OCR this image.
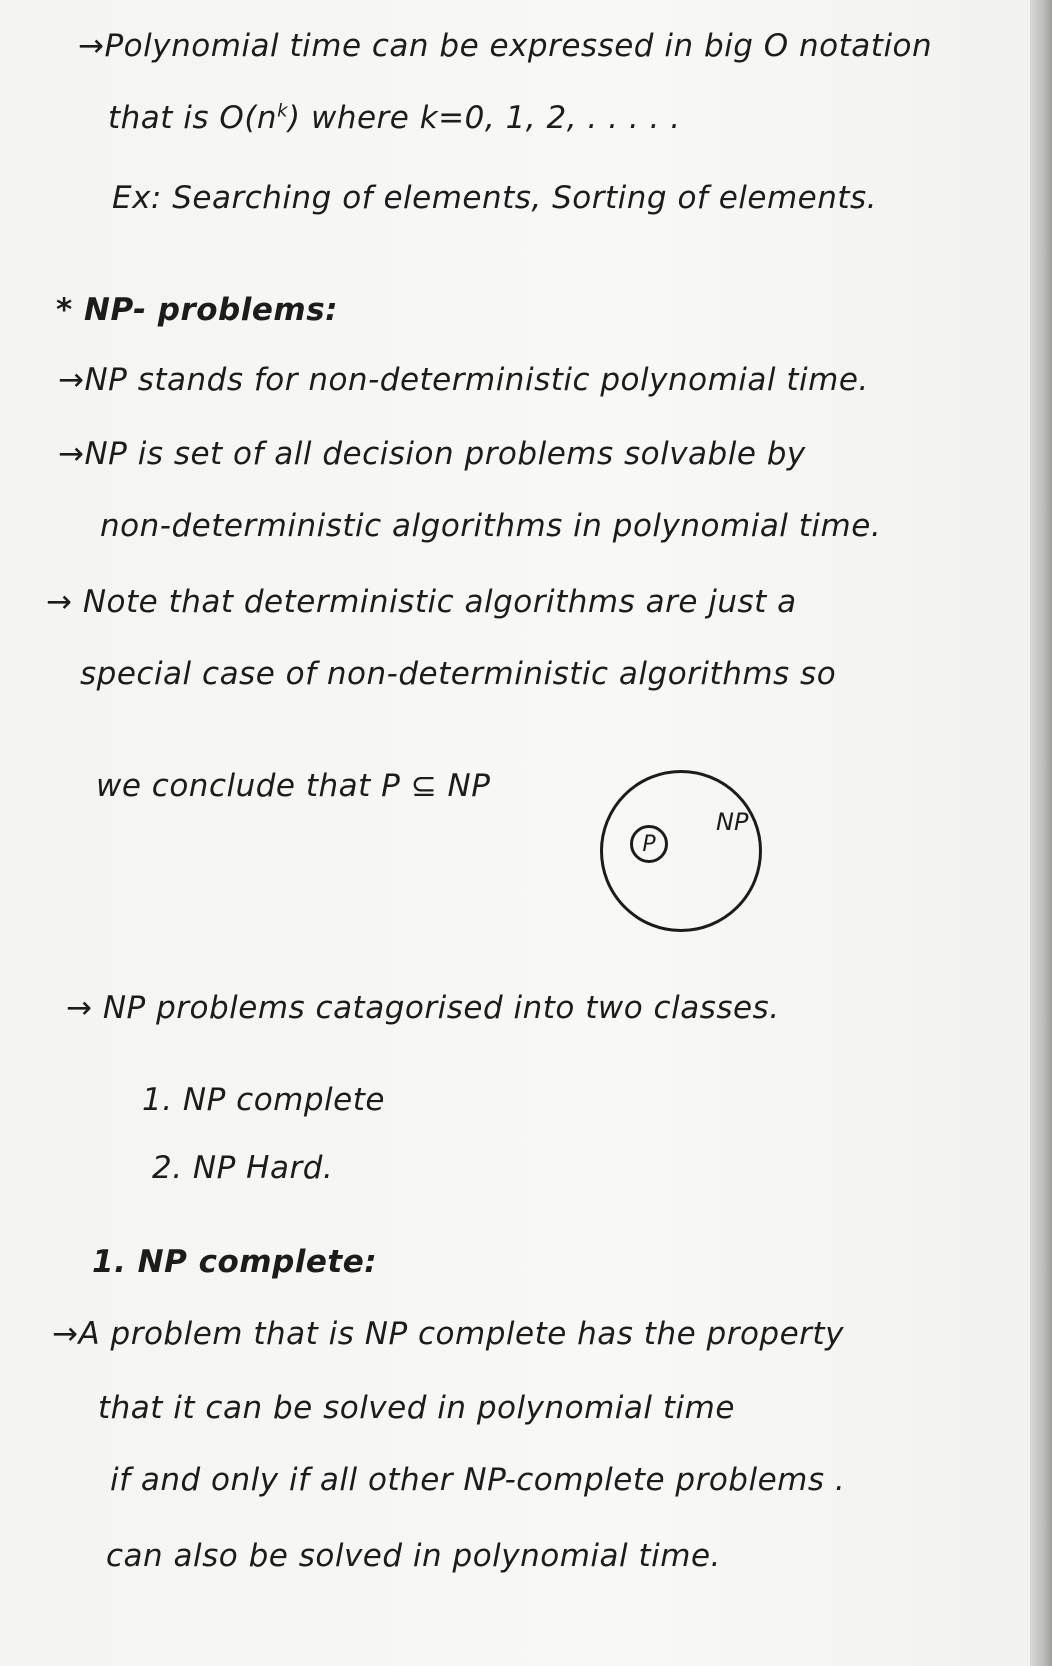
→Polynomial time can be expressed in big O notation
that is $O(n^k)$ where k=0, 1, 2, . . . . .
Ex: Searching of elements, Sorting of elements.
* NP- problems:
→NP stands for non-deterministic polynomial time.
→NP is set of all decision problems solvable by
non-deterministic algorithms in polynomial time.
→ Note that deterministic algorithms are just a
special case of non-deterministic algorithms so
we conclude that P ⊆ NP
P
NP
→ NP problems catagorised into two classes.
1. NP complete
2. NP Hard.
1. NP complete:
→A problem that is NP complete has the property
that it can be solved in polynomial time
if and only if all other NP-complete problems .
can also be solved in polynomial time.
